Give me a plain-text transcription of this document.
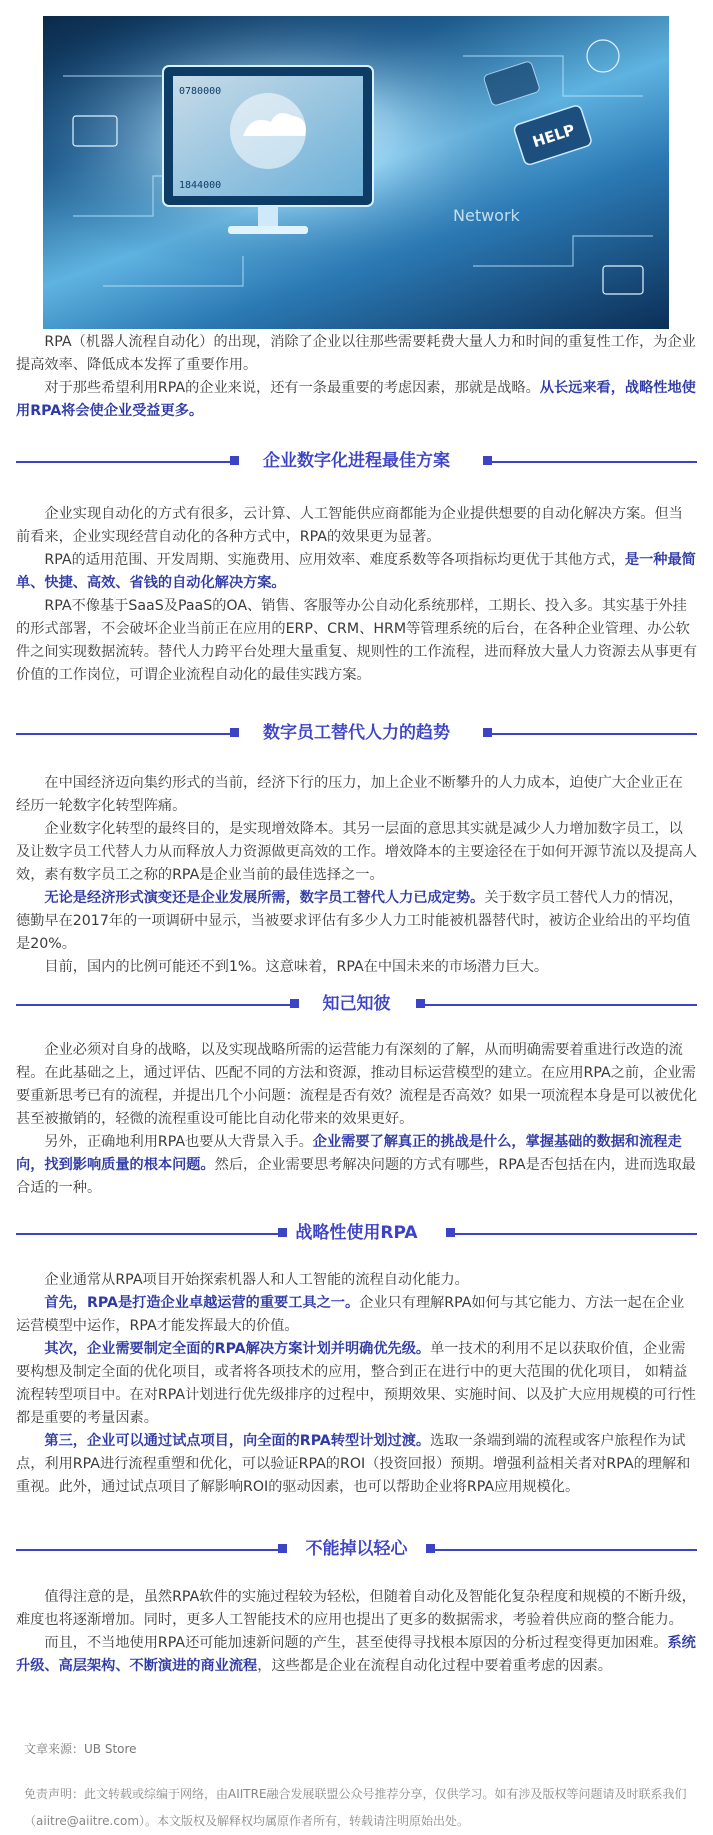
0780000
1844000
HELP
Network

RPA（机器人流程自动化）的出现，消除了企业以往那些需要耗费大量人力和时间的重复性工作，为企业提高效率、降低成本发挥了重要作用。

对于那些希望利用RPA的企业来说，还有一条最重要的考虑因素，那就是战略。从长远来看，战略性地使用RPA将会使企业受益更多。

企业数字化进程最佳方案

企业实现自动化的方式有很多，云计算、人工智能供应商都能为企业提供想要的自动化解决方案。但当前看来，企业实现经营自动化的各种方式中，RPA的效果更为显著。

RPA的适用范围、开发周期、实施费用、应用效率、难度系数等各项指标均更优于其他方式，是一种最简单、快捷、高效、省钱的自动化解决方案。

RPA不像基于SaaS及PaaS的OA、销售、客服等办公自动化系统那样，工期长、投入多。其实基于外挂的形式部署，不会破坏企业当前正在应用的ERP、CRM、HRM等管理系统的后台，在各种企业管理、办公软件之间实现数据流转。替代人力跨平台处理大量重复、规则性的工作流程，进而释放大量人力资源去从事更有价值的工作岗位，可谓企业流程自动化的最佳实践方案。

数字员工替代人力的趋势

在中国经济迈向集约形式的当前，经济下行的压力，加上企业不断攀升的人力成本，迫使广大企业正在经历一轮数字化转型阵痛。

企业数字化转型的最终目的，是实现增效降本。其另一层面的意思其实就是减少人力增加数字员工，以及让数字员工代替人力从而释放人力资源做更高效的工作。增效降本的主要途径在于如何开源节流以及提高人效，素有数字员工之称的RPA是企业当前的最佳选择之一。

无论是经济形式演变还是企业发展所需，数字员工替代人力已成定势。关于数字员工替代人力的情况，德勤早在2017年的一项调研中显示，当被要求评估有多少人力工时能被机器替代时，被访企业给出的平均值是20%。

目前，国内的比例可能还不到1%。这意味着，RPA在中国未来的市场潜力巨大。

知己知彼

企业必须对自身的战略，以及实现战略所需的运营能力有深刻的了解，从而明确需要着重进行改造的流程。在此基础之上，通过评估、匹配不同的方法和资源，推动目标运营模型的建立。在应用RPA之前，企业需要重新思考已有的流程，并提出几个小问题：流程是否有效？流程是否高效？如果一项流程本身是可以被优化甚至被撤销的，轻微的流程重设可能比自动化带来的效果更好。

另外，正确地利用RPA也要从大背景入手。企业需要了解真正的挑战是什么，掌握基础的数据和流程走向，找到影响质量的根本问题。然后，企业需要思考解决问题的方式有哪些，RPA是否包括在内，进而选取最合适的一种。

战略性使用RPA

企业通常从RPA项目开始探索机器人和人工智能的流程自动化能力。

首先，RPA是打造企业卓越运营的重要工具之一。企业只有理解RPA如何与其它能力、方法一起在企业运营模型中运作，RPA才能发挥最大的价值。

其次，企业需要制定全面的RPA解决方案计划并明确优先级。单一技术的利用不足以获取价值，企业需要构想及制定全面的优化项目，或者将各项技术的应用，整合到正在进行中的更大范围的优化项目， 如精益流程转型项目中。在对RPA计划进行优先级排序的过程中，预期效果、实施时间、以及扩大应用规模的可行性都是重要的考量因素。

第三，企业可以通过试点项目，向全面的RPA转型计划过渡。选取一条端到端的流程或客户旅程作为试点，利用RPA进行流程重塑和优化，可以验证RPA的ROI（投资回报）预期。增强利益相关者对RPA的理解和重视。此外，通过试点项目了解影响ROI的驱动因素，也可以帮助企业将RPA应用规模化。

不能掉以轻心

值得注意的是，虽然RPA软件的实施过程较为轻松，但随着自动化及智能化复杂程度和规模的不断升级，难度也将逐渐增加。同时，更多人工智能技术的应用也提出了更多的数据需求，考验着供应商的整合能力。

而且，不当地使用RPA还可能加速新问题的产生，甚至使得寻找根本原因的分析过程变得更加困难。系统升级、高层架构、不断演进的商业流程，这些都是企业在流程自动化过程中要着重考虑的因素。

文章来源：UB Store
免责声明：此文转载或综编于网络，由AIITRE融合发展联盟公众号推荐分享，仅供学习。如有涉及版权等问题请及时联系我们（aiitre@aiitre.com）。本文版权及解释权均属原作者所有，转载请注明原始出处。
